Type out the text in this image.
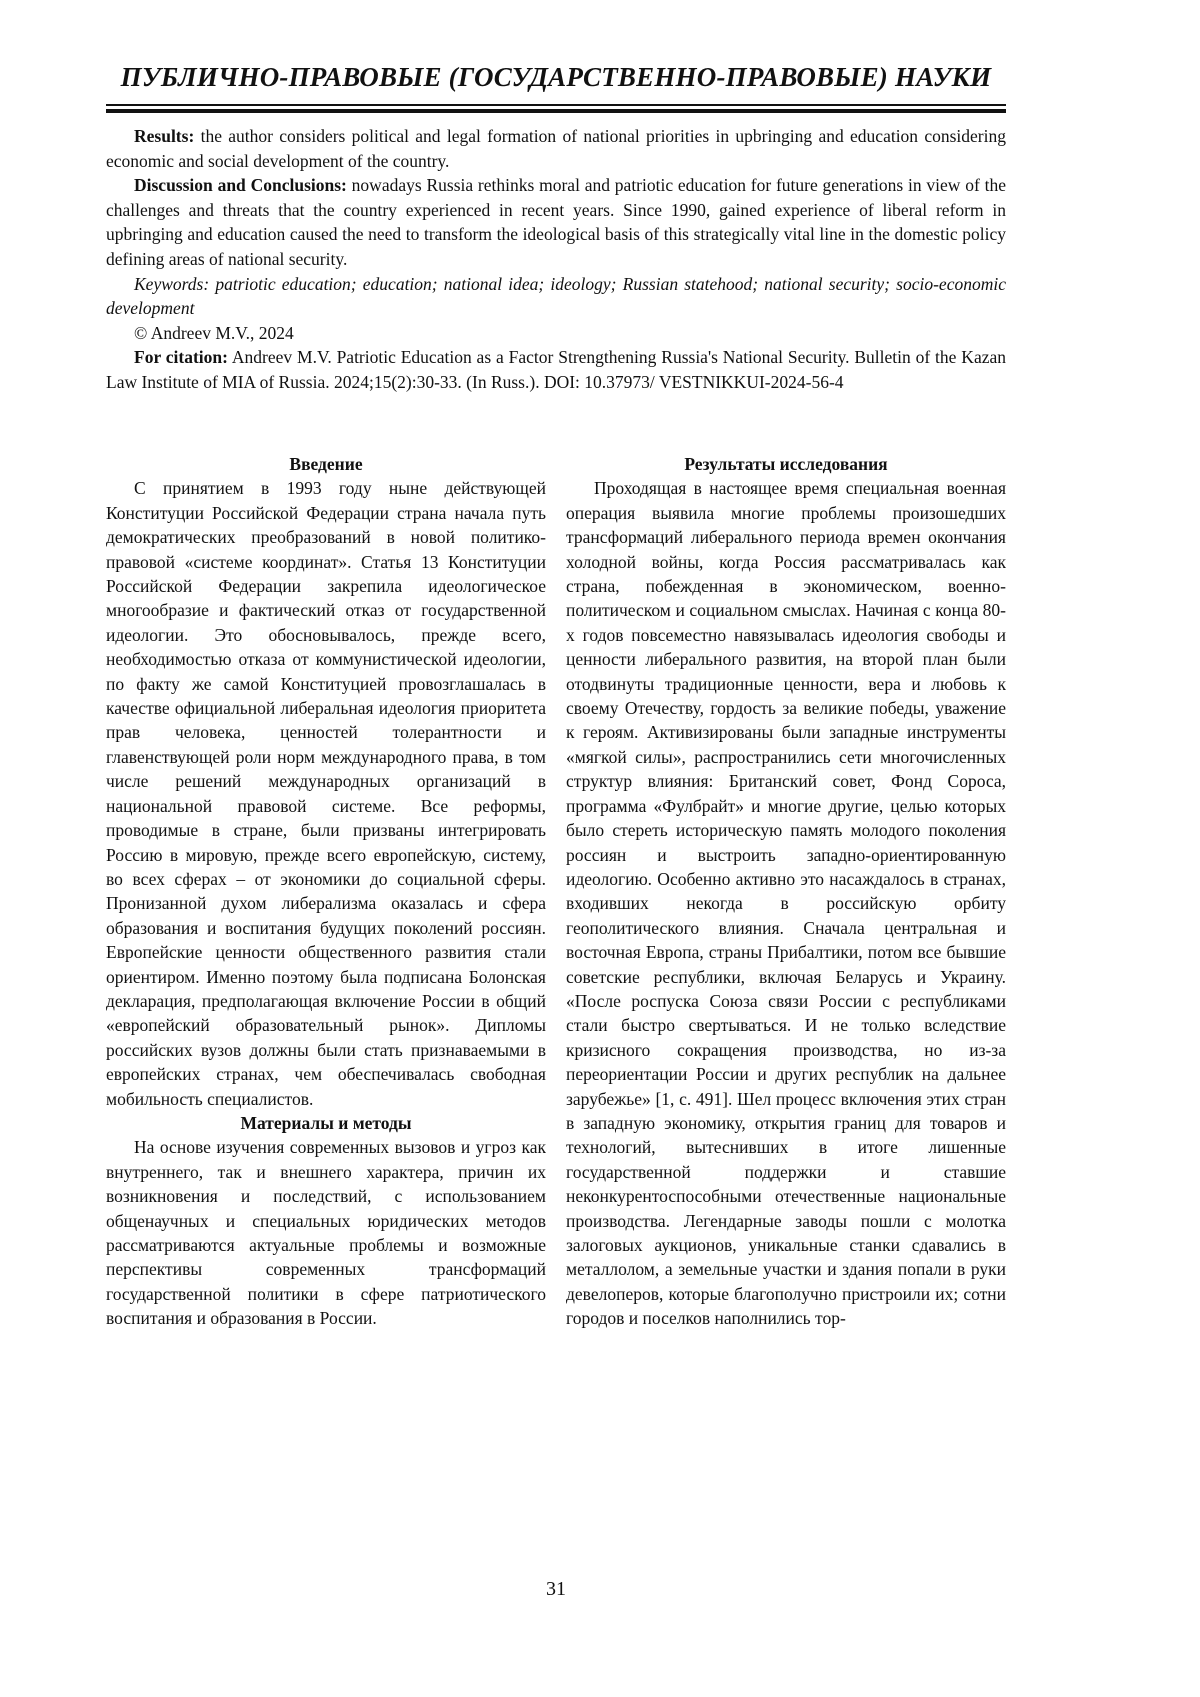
ПУБЛИЧНО-ПРАВОВЫЕ (ГОСУДАРСТВЕННО-ПРАВОВЫЕ) НАУКИ

Results: the author considers political and legal formation of national priorities in upbringing and education considering economic and social development of the country.

Discussion and Conclusions: nowadays Russia rethinks moral and patriotic education for future generations in view of the challenges and threats that the country experienced in recent years. Since 1990, gained experience of liberal reform in upbringing and education caused the need to transform the ideological basis of this strategically vital line in the domestic policy defining areas of national security.

Keywords: patriotic education; education; national idea; ideology; Russian statehood; national security; socio-economic development

© Andreev M.V., 2024

For citation: Andreev M.V. Patriotic Education as a Factor Strengthening Russia's National Security. Bulletin of the Kazan Law Institute of MIA of Russia. 2024;15(2):30-33. (In Russ.). DOI: 10.37973/ VESTNIKKUI-2024-56-4

Введение

С принятием в 1993 году ныне действующей Конституции Российской Федерации страна начала путь демократических преобразований в новой политико-правовой «системе координат». Статья 13 Конституции Российской Федерации закрепила идеологическое многообразие и фактический отказ от государственной идеологии. Это обосновывалось, прежде всего, необходимостью отказа от коммунистической идеологии, по факту же самой Конституцией провозглашалась в качестве официальной либеральная идеология приоритета прав человека, ценностей толерантности и главенствующей роли норм международного права, в том числе решений международных организаций в национальной правовой системе. Все реформы, проводимые в стране, были призваны интегрировать Россию в мировую, прежде всего европейскую, систему, во всех сферах – от экономики до социальной сферы. Пронизанной духом либерализма оказалась и сфера образования и воспитания будущих поколений россиян. Европейские ценности общественного развития стали ориентиром. Именно поэтому была подписана Болонская декларация, предполагающая включение России в общий «европейский образовательный рынок». Дипломы российских вузов должны были стать признаваемыми в европейских странах, чем обеспечивалась свободная мобильность специалистов.

Материалы и методы

На основе изучения современных вызовов и угроз как внутреннего, так и внешнего характера, причин их возникновения и последствий, с использованием общенаучных и специальных юридических методов рассматриваются актуальные проблемы и возможные перспективы современных трансформаций государственной политики в сфере патриотического воспитания и образования в России.

Результаты исследования

Проходящая в настоящее время специальная военная операция выявила многие проблемы произошедших трансформаций либерального периода времен окончания холодной войны, когда Россия рассматривалась как страна, побежденная в экономическом, военно-политическом и социальном смыслах. Начиная с конца 80-х годов повсеместно навязывалась идеология свободы и ценности либерального развития, на второй план были отодвинуты традиционные ценности, вера и любовь к своему Отечеству, гордость за великие победы, уважение к героям. Активизированы были западные инструменты «мягкой силы», распространились сети многочисленных структур влияния: Британский совет, Фонд Сороса, программа «Фулбрайт» и многие другие, целью которых было стереть историческую память молодого поколения россиян и выстроить западно-ориентированную идеологию. Особенно активно это насаждалось в странах, входивших некогда в российскую орбиту геополитического влияния. Сначала центральная и восточная Европа, страны Прибалтики, потом все бывшие советские республики, включая Беларусь и Украину. «После роспуска Союза связи России с республиками стали быстро свертываться. И не только вследствие кризисного сокращения производства, но из-за переориентации России и других республик на дальнее зарубежье» [1, с. 491]. Шел процесс включения этих стран в западную экономику, открытия границ для товаров и технологий, вытеснивших в итоге лишенные государственной поддержки и ставшие неконкурентоспособными отечественные национальные производства. Легендарные заводы пошли с молотка залоговых аукционов, уникальные станки сдавались в металлолом, а земельные участки и здания попали в руки девелоперов, которые благополучно пристроили их; сотни городов и поселков наполнились тор-

31
